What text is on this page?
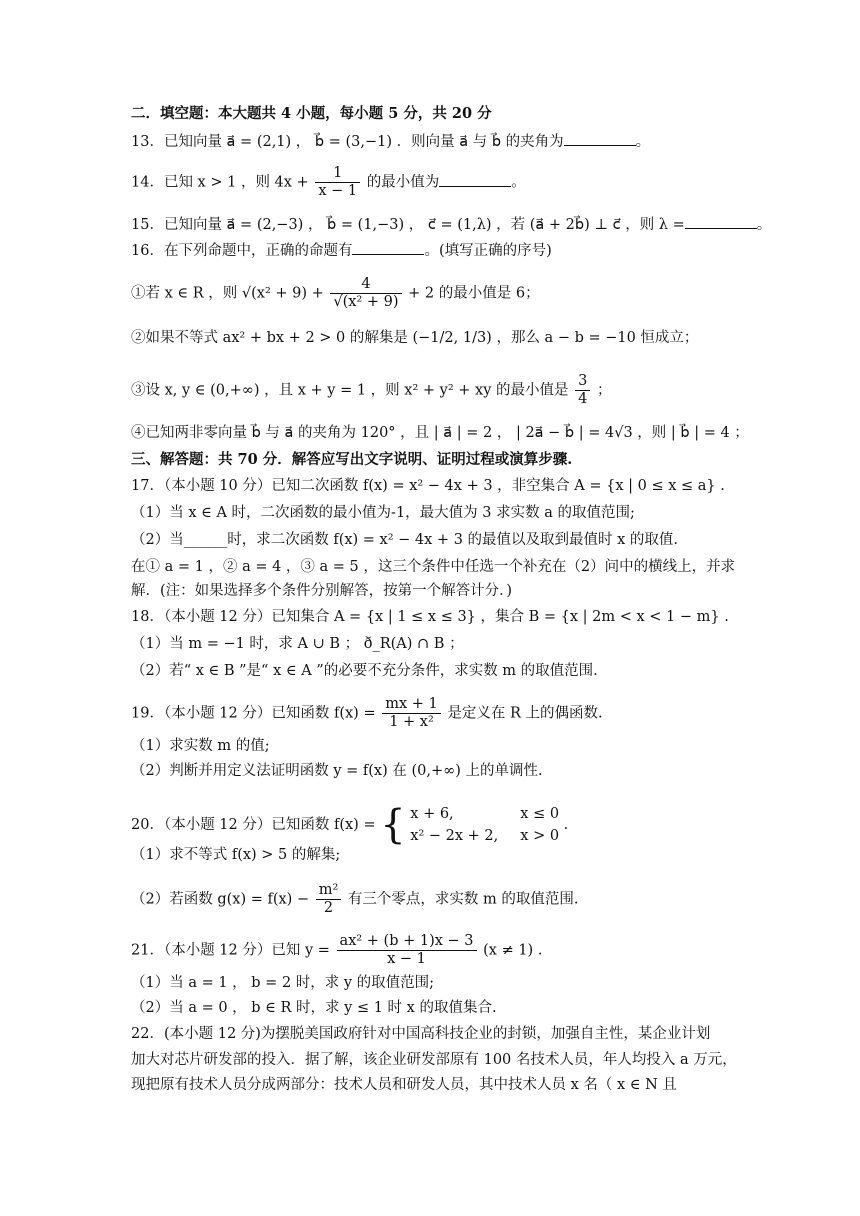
二．填空题：本大题共 4 小题，每小题 5 分，共 20 分
13．已知向量 a⃗ = (2,1) ， b⃗ = (3,−1) ．则向量 a⃗ 与 b⃗ 的夹角为	。
14．已知 x > 1 ，则 $4x + \frac{1}{x - 1}$ 的最小值为	。
15．已知向量 a⃗ = (2,−3) ， b⃗ = (1,−3) ， c⃗ = (1,λ) ，若 (a⃗ + 2b⃗) ⊥ c⃗ ，则 λ =	。
16．在下列命题中，正确的命题有	。(填写正确的序号)
①若 x ∈ R ，则 $√(x^2 + 9) + \frac{4}{\text{√(x² + 9)}} + 2$ 的最小值是 6；
②如果不等式 ax² + bx + 2 > 0 的解集是 (−1/2, 1/3) ，那么 a − b = −10 恒成立；
③设 x, y ∈ (0,+∞) ，且 x + y = 1 ，则 x² + y² + xy 的最小值是 $\frac{3}{4}$ ；
④已知两非零向量 b⃗ 与 a⃗ 的夹角为 120° ，且 | a⃗ | = 2 ， | 2a⃗ − b⃗ | = 4√3 ，则 | b⃗ | = 4 ；
三、解答题：共 70 分．解答应写出文字说明、证明过程或演算步骤.
17．（本小题 10 分）已知二次函数 f(x) = x² − 4x + 3 ，非空集合 A = {x | 0 ≤ x ≤ a} .
（1）当 x ∈ A 时，二次函数的最小值为-1，最大值为 3 求实数 a 的取值范围;
（2）当______时，求二次函数 f(x) = x² − 4x + 3 的最值以及取到最值时 x 的取值.
在① a = 1 ，② a = 4 ，③ a = 5 ，这三个条件中任选一个补充在（2）问中的横线上，并求
解．(注：如果选择多个条件分别解答，按第一个解答计分．)
18．（本小题 12 分）已知集合 A = {x | 1 ≤ x ≤ 3} ，集合 B = {x | 2m < x < 1 − m} .
（1）当 m = −1 时，求 A ∪ B ； ð_R(A) ∩ B ；
（2）若“ x ∈ B ”是“ x ∈ A ”的必要不充分条件，求实数 m 的取值范围.
19．（本小题 12 分）已知函数 $f(x) = \frac{mx + 1}{\text{1 + x²}}$ 是定义在 R 上的偶函数.
（1）求实数 m 的值;
（2）判断并用定义法证明函数 y = f(x) 在 (0,+∞) 上的单调性.
20．（本小题 12 分）已知函数 f(x) = { x + 6,	x ≤ 0
x² − 2x + 2, x > 0
.
（1）求不等式 f(x) > 5 的解集;
（2）若函数 $g(x) = f(x) - \frac{\text{m²}}{2}$ 有三个零点，求实数 m 的取值范围.
21．（本小题 12 分）已知 $y = \frac{\text{ax² + (b + 1)x − 3}}{x - 1} (x \ne 1)$ .
（1）当 a = 1 ， b = 2 时，求 y 的取值范围;
（2）当 a = 0 ， b ∈ R 时，求 y ≤ 1 时 x 的取值集合.
22．(本小题 12 分)为摆脱美国政府针对中国高科技企业的封锁，加强自主性，某企业计划
加大对芯片研发部的投入．据了解，该企业研发部原有 100 名技术人员，年人均投入 a 万元，
现把原有技术人员分成两部分：技术人员和研发人员，其中技术人员 x 名（ x ∈ N 且
